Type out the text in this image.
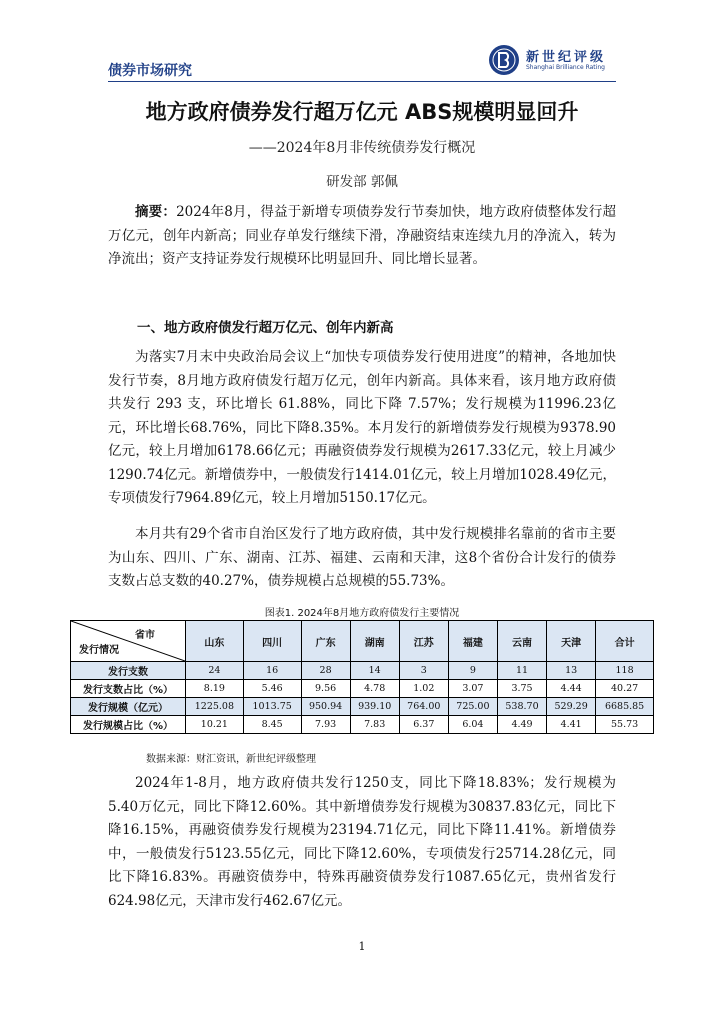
债券市场研究
新世纪评级
Shanghai Brilliance Rating
地方政府债券发行超万亿元 ABS规模明显回升
——2024年8月非传统债券发行概况
研发部 郭佩

摘要：2024年8月，得益于新增专项债券发行节奏加快，地方政府债整体发行超万亿元，创年内新高；同业存单发行继续下滑，净融资结束连续九月的净流入，转为净流出；资产支持证券发行规模环比明显回升、同比增长显著。

一、地方政府债发行超万亿元、创年内新高

为落实7月末中央政治局会议上“加快专项债券发行使用进度”的精神，各地加快发行节奏，8月地方政府债发行超万亿元，创年内新高。具体来看，该月地方政府债共发行 293 支，环比增长 61.88%，同比下降 7.57%；发行规模为11996.23亿元，环比增长68.76%，同比下降8.35%。本月发行的新增债券发行规模为9378.90亿元，较上月增加6178.66亿元；再融资债券发行规模为2617.33亿元，较上月减少1290.74亿元。新增债券中，一般债发行1414.01亿元，较上月增加1028.49亿元，专项债发行7964.89亿元，较上月增加5150.17亿元。

本月共有29个省市自治区发行了地方政府债，其中发行规模排名靠前的省市主要为山东、四川、广东、湖南、江苏、福建、云南和天津，这8个省份合计发行的债券支数占总支数的40.27%，债券规模占总规模的55.73%。

图表1. 2024年8月地方政府债发行主要情况
省市
发行情况	山东	四川	广东	湖南	江苏	福建	云南	天津	合计
发行支数	24	16	28	14	3	9	11	13	118
发行支数占比（%）	8.19	5.46	9.56	4.78	1.02	3.07	3.75	4.44	40.27
发行规模（亿元）	1225.08	1013.75	950.94	939.10	764.00	725.00	538.70	529.29	6685.85
发行规模占比（%）	10.21	8.45	7.93	7.83	6.37	6.04	4.49	4.41	55.73
数据来源：财汇资讯，新世纪评级整理

2024年1-8月，地方政府债共发行1250支，同比下降18.83%；发行规模为5.40万亿元，同比下降12.60%。其中新增债券发行规模为30837.83亿元，同比下降16.15%，再融资债券发行规模为23194.71亿元，同比下降11.41%。新增债券中，一般债发行5123.55亿元，同比下降12.60%，专项债发行25714.28亿元，同比下降16.83%。再融资债券中，特殊再融资债券发行1087.65亿元，贵州省发行624.98亿元，天津市发行462.67亿元。

1
